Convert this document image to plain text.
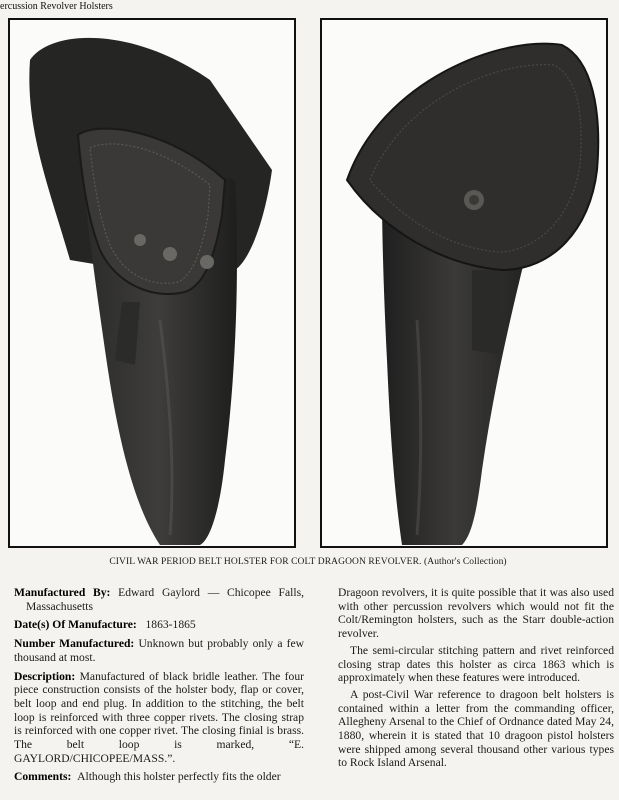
ercussion Revolver Holsters
CIVIL WAR PERIOD BELT HOLSTER FOR COLT DRAGOON REVOLVER. (Author's Collection)
Manufactured By: Edward Gaylord — Chicopee Falls, Massachusetts
Date(s) Of Manufacture: 1863-1865
Number Manufactured: Unknown but probably only a few thousand at most.
Description: Manufactured of black bridle leather. The four piece construction consists of the holster body, flap or cover, belt loop and end plug. In addition to the stitching, the belt loop is reinforced with three copper rivets. The closing strap is reinforced with one copper rivet. The closing finial is brass. The belt loop is marked, “E. GAYLORD/CHICOPEE/MASS.”.
Comments: Although this holster perfectly fits the older

Dragoon revolvers, it is quite possible that it was also used with other percussion revolvers which would not fit the Colt/Remington holsters, such as the Starr double-action revolver.

The semi-circular stitching pattern and rivet reinforced closing strap dates this holster as circa 1863 which is approximately when these features were introduced.

A post-Civil War reference to dragoon belt holsters is contained within a letter from the commanding officer, Allegheny Arsenal to the Chief of Ordnance dated May 24, 1880, wherein it is stated that 10 dragoon pistol holsters were shipped among several thousand other various types to Rock Island Arsenal.
